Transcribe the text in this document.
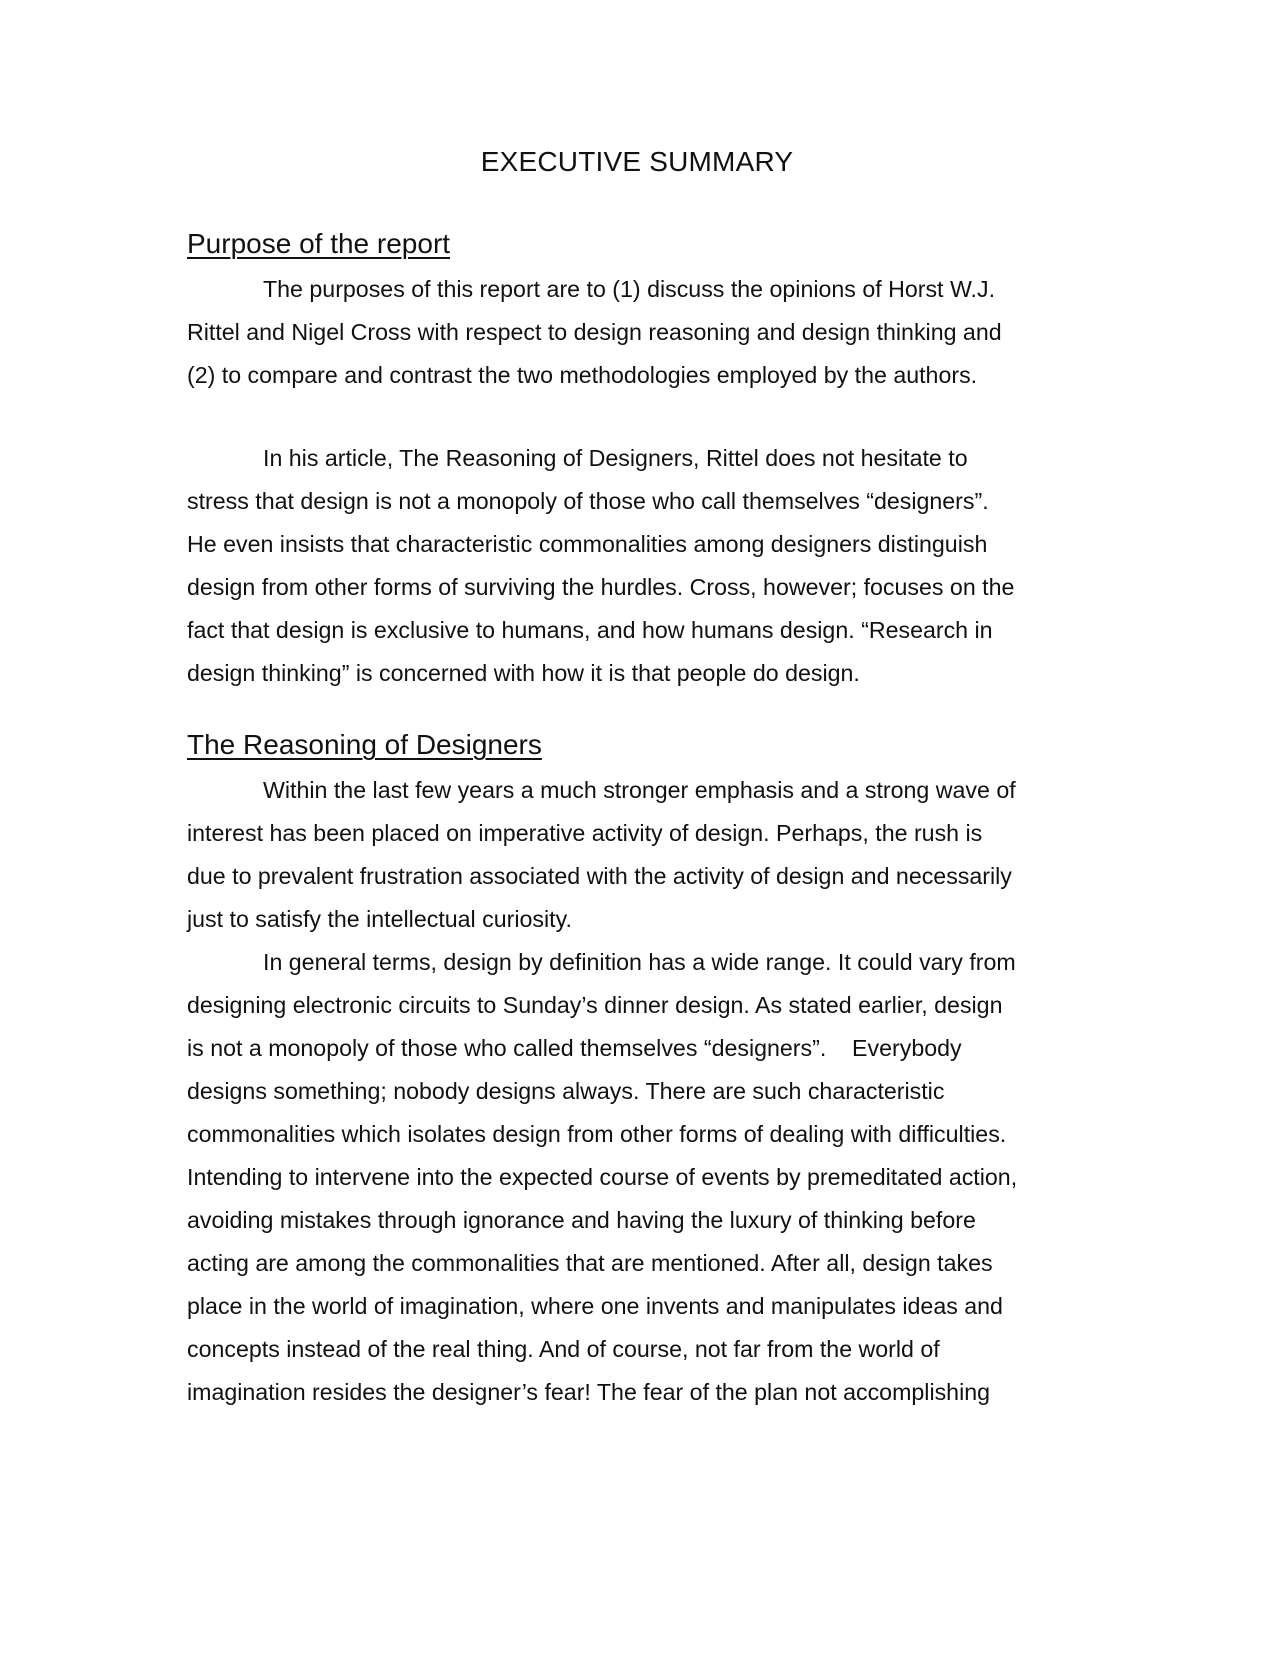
EXECUTIVE SUMMARY
Purpose of the report

The purposes of this report are to (1) discuss the opinions of Horst W.J.

Rittel and Nigel Cross with respect to design reasoning and design thinking and

(2) to compare and contrast the two methodologies employed by the authors.

In his article, The Reasoning of Designers, Rittel does not hesitate to

stress that design is not a monopoly of those who call themselves “designers”.

He even insists that characteristic commonalities among designers distinguish

design from other forms of surviving the hurdles. Cross, however; focuses on the

fact that design is exclusive to humans, and how humans design. “Research in

design thinking” is concerned with how it is that people do design.

The Reasoning of Designers

Within the last few years a much stronger emphasis and a strong wave of

interest has been placed on imperative activity of design. Perhaps, the rush is

due to prevalent frustration associated with the activity of design and necessarily

just to satisfy the intellectual curiosity.

In general terms, design by definition has a wide range. It could vary from

designing electronic circuits to Sunday’s dinner design. As stated earlier, design

is not a monopoly of those who called themselves “designers”.    Everybody

designs something; nobody designs always. There are such characteristic

commonalities which isolates design from other forms of dealing with difficulties.

Intending to intervene into the expected course of events by premeditated action,

avoiding mistakes through ignorance and having the luxury of thinking before

acting are among the commonalities that are mentioned. After all, design takes

place in the world of imagination, where one invents and manipulates ideas and

concepts instead of the real thing. And of course, not far from the world of

imagination resides the designer’s fear! The fear of the plan not accomplishing
